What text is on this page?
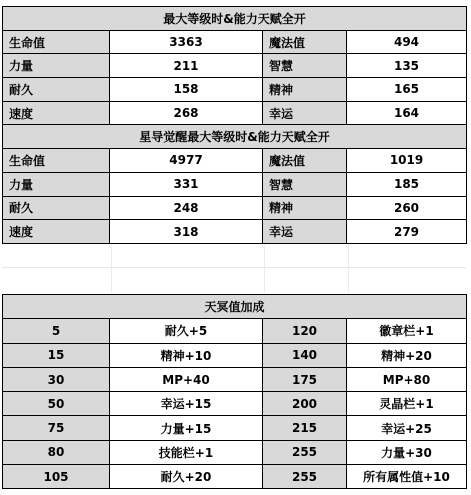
最大等级时&能力天赋全开			
生命值	3363	魔法值	494
力量	211	智慧	135
耐久	158	精神	165
速度	268	幸运	164
星导觉醒最大等级时&能力天赋全开			
生命值	4977	魔法值	1019
力量	331	智慧	185
耐久	248	精神	260
速度	318	幸运	279
天冥值加成			
5	耐久+5	120	徽章栏+1
15	精神+10	140	精神+20
30	MP+40	175	MP+80
50	幸运+15	200	灵晶栏+1
75	力量+15	215	幸运+25
80	技能栏+1	255	力量+30
105	耐久+20	255	所有属性值+10
